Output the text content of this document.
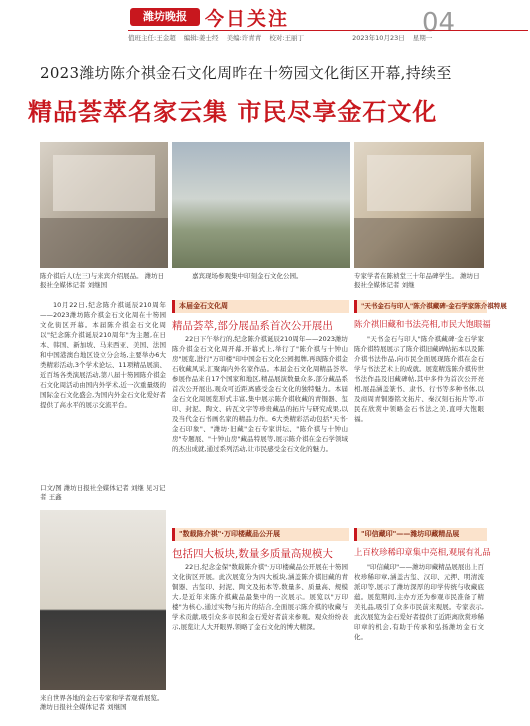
潍坊晚报 今日关注	04
值班主任:王金超 编辑:姜士经 美编:许青青 校对:王丽丁	2023年10月23日 星期一
2023潍坊陈介祺金石文化周昨在十笏园文化街区开幕,持续至
精品荟萃名家云集 市民尽享金石文化
陈介祺后人(左三)与来宾介绍展品。 潍坊日报社全媒体记者 刘继国
嘉宾现场参观集中印刻金石文化公园。	专家学者在陈祯堂三十年品碑学生。 潍坊日报社全媒体记者 刘继
10月22日,纪念陈介祺诞辰210周年——2023潍坊陈介祺金石文化周在十笏园文化街区开幕。本届陈介祺金石文化周以"纪念陈介祺诞辰210周年"为主题,在日本、韩国、新加坡、马来西亚、美国、法国和中国港澳台地区设立分会场,主要举办6大类精彩活动,3个学术论坛、11项精品展演、近百场各类演展活动,第八届十笏园陈介祺金石文化周活动由国内外学术,近一次重量级的国际金石文化盛会,为国内外金石文化爱好者提供了高水平的展示交流平台。
口文/图 潍坊日报社全媒体记者 刘继 见习记者 王鑫
来自世界各地的金石专家和学者观看展览。 潍坊日报社全媒体记者 刘继国
本届金石文化周
精品荟萃,部分展品系首次公开展出
22日下午举行的,纪念陈介祺诞辰210周年——2023潍坊陈介祺金石文化周开幕,开幕式上,举行了"陈介祺与十钟山房"展览,进行"万印楼"印中国金石文化公园揭牌,再现陈介祺金石收藏风采,汇聚海内外名家作品。本届金石文化周精品荟萃,参展作品来自17个国家和地区,精品展演数量众多,部分藏品系首次公开展出,观众可近距离感受金石文化的独特魅力。本届金石文化周展览形式丰富,集中展示陈介祺收藏的青铜器、玺印、封泥、陶文、砖瓦文字等珍贵藏品的拓片与研究成果,以及当代金石书画名家的精品力作。6大类精彩活动包括"天书·金石印象"、"潍坊·旧藏"金石专家讲坛、"陈介祺与十钟山房"专题展、"十钟山房"藏品特展等,展示陈介祺在金石学领域的杰出成就,通过系列活动,让市民感受金石文化的魅力。
"数载陈介祺"·万印楼藏品公开展
包括四大板块,数量多质量高规模大
22日,纪念金保"数载陈介祺"·万印楼藏品公开展在十笏园文化街区开展。此次展览分为四大板块,涵盖陈介祺旧藏的青铜器、古玺印、封泥、陶文及拓本等,数量多、质量高、规模大,是近年来陈介祺藏品最集中的一次展示。展览以"万印楼"为核心,通过实物与拓片的结合,全面展示陈介祺的收藏与学术贡献,吸引众多市民和金石爱好者前来参观。观众纷纷表示,展览让人大开眼界,领略了金石文化的博大精深。
"天书金石与印人"陈介祺藏碑·金石学家陈介祺特展
陈介祺旧藏和书法亮相,市民大饱眼福
"天书金石与印人"陈介祺藏碑·金石学家陈介祺特展展示了陈介祺旧藏碑帖拓本以及陈介祺书法作品,向市民全面展现陈介祺在金石学与书法艺术上的成就。展览精选陈介祺传世书法作品及旧藏碑帖,其中多件为首次公开亮相,展品涵盖篆书、隶书、行书等多种书体,以及商周青铜器铭文拓片、秦汉刻石拓片等,市民在欣赏中领略金石书法之美,直呼大饱眼福。
"印信藏印"——潍坊印藏精品展
上百枚珍稀印章集中亮相,观展有礼品
"印信藏印"——潍坊印藏精品展展出上百枚珍稀印章,涵盖古玺、汉印、元押、明清流派印等,展示了潍坊深厚的印学传统与收藏底蕴。展览期间,主办方还为参观市民准备了精美礼品,吸引了众多市民前来观展。专家表示,此次展览为金石爱好者提供了近距离欣赏珍稀印章的机会,有助于传承和弘扬潍坊金石文化。
